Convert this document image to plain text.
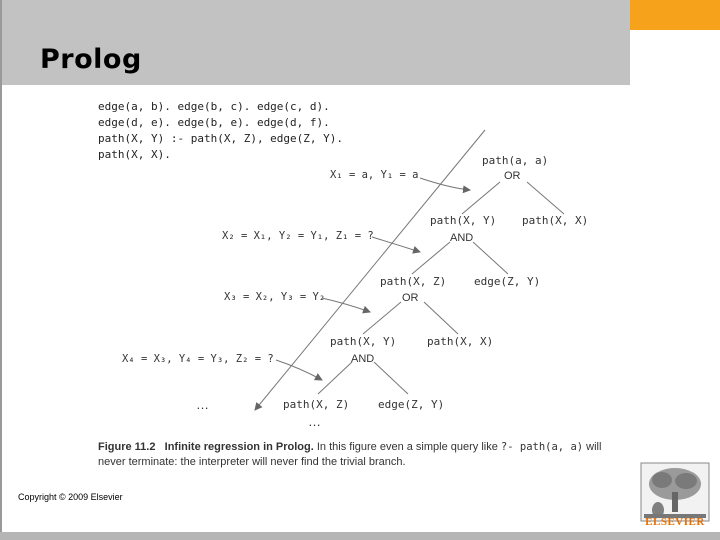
Prolog
edge(a, b). edge(b, c). edge(c, d).
edge(d, e). edge(b, e). edge(d, f).
path(X, Y) :- path(X, Z), edge(Z, Y).
path(X, X).	path(a, a)
OR
path(X, Y) path(X, X)
AND
path(X, Z)	edge(Z, Y)
OR
path(X, Y)	path(X, X)
AND
path(X, Z)	edge(Z, Y)
X₁ = a, Y₁ = a
X₂ = X₁, Y₂ = Y₁, Z₁ = ?
X₃ = X₂, Y₃ = Y₂
X₄ = X₃, Y₄ = Y₃, Z₂ = ?
…
…
Figure 11.2 Infinite regression in Prolog. In this figure even a simple query like ?- path(a, a) will never terminate: the interpreter will never find the trivial branch.
Copyright © 2009 Elsevier
ELSEVIER
